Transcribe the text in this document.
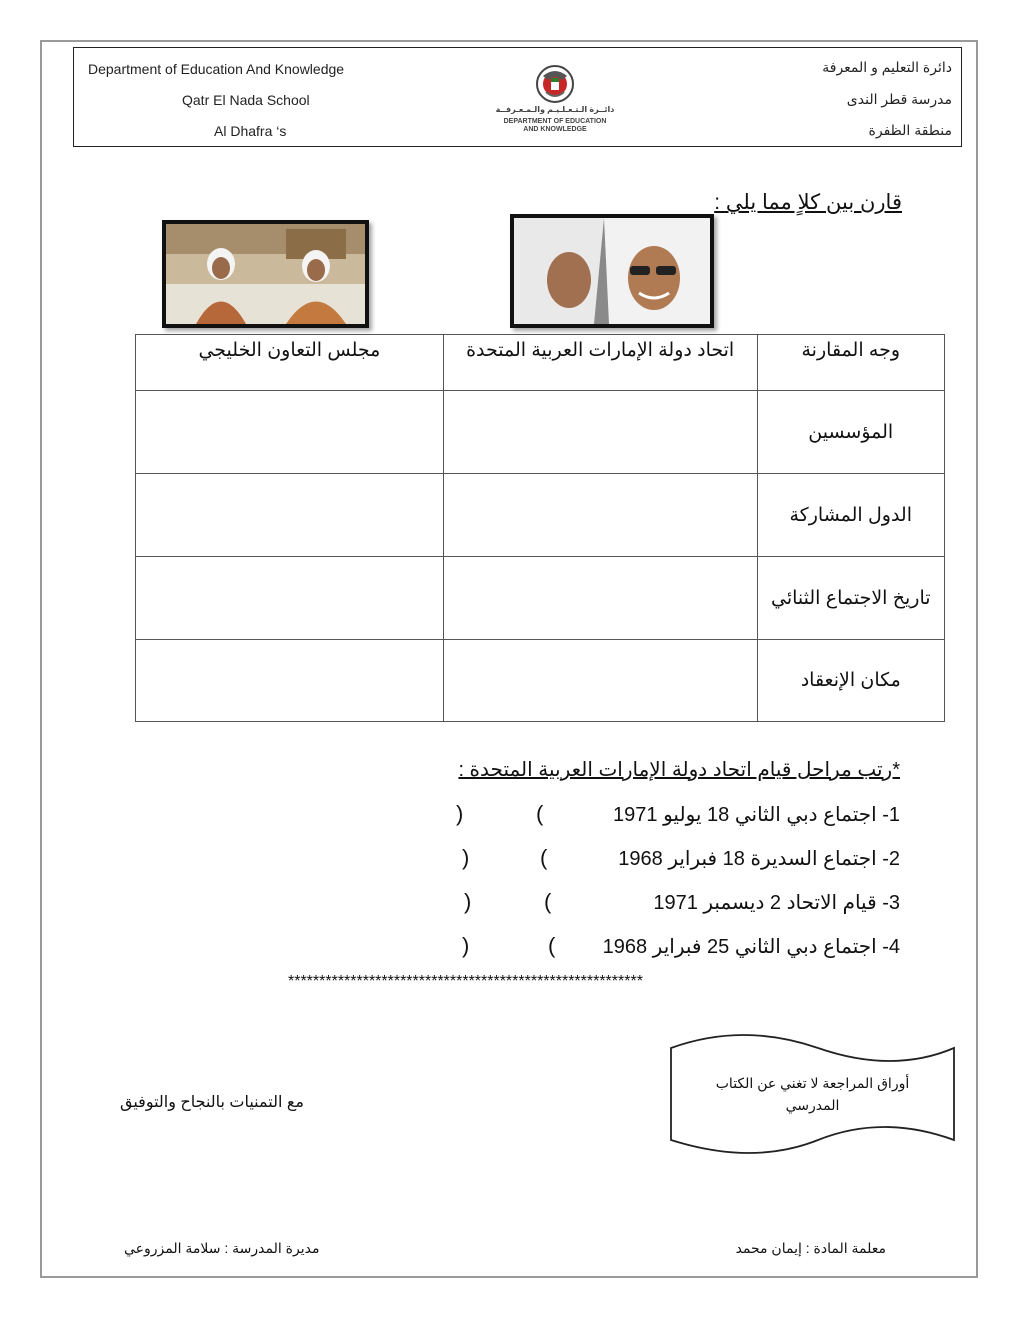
Department of Education And Knowledge
Qatr El Nada School
Al Dhafra ‘s
دائرة التعليم و المعرفة
مدرسة قطر الندى
منطقة الظفرة
دائــرة الـتـعـلـيـم والـمـعـرفــة
DEPARTMENT OF EDUCATION
AND KNOWLEDGE
قارن بين كلاٍ مما يلي :
وجه المقارنة	اتحاد دولة الإمارات العربية المتحدة	مجلس التعاون الخليجي
المؤسسين		
الدول المشاركة		
تاريخ الاجتماع الثنائي		
مكان الإنعقاد		
*رتب مراحل قيام اتحاد دولة الإمارات العربية المتحدة :
1- اجتماع دبي الثاني 18 يوليو 1971
(
)
2- اجتماع السديرة 18 فبراير 1968
(
)
3- قيام الاتحاد 2 ديسمبر 1971
(
)
4- اجتماع دبي الثاني 25 فبراير 1968
(
)
*********************************************************
أوراق المراجعة لا تغني عن الكتاب المدرسي
مع التمنيات بالنجاح والتوفيق
معلمة المادة : إيمان محمد
مديرة المدرسة : سلامة المزروعي
